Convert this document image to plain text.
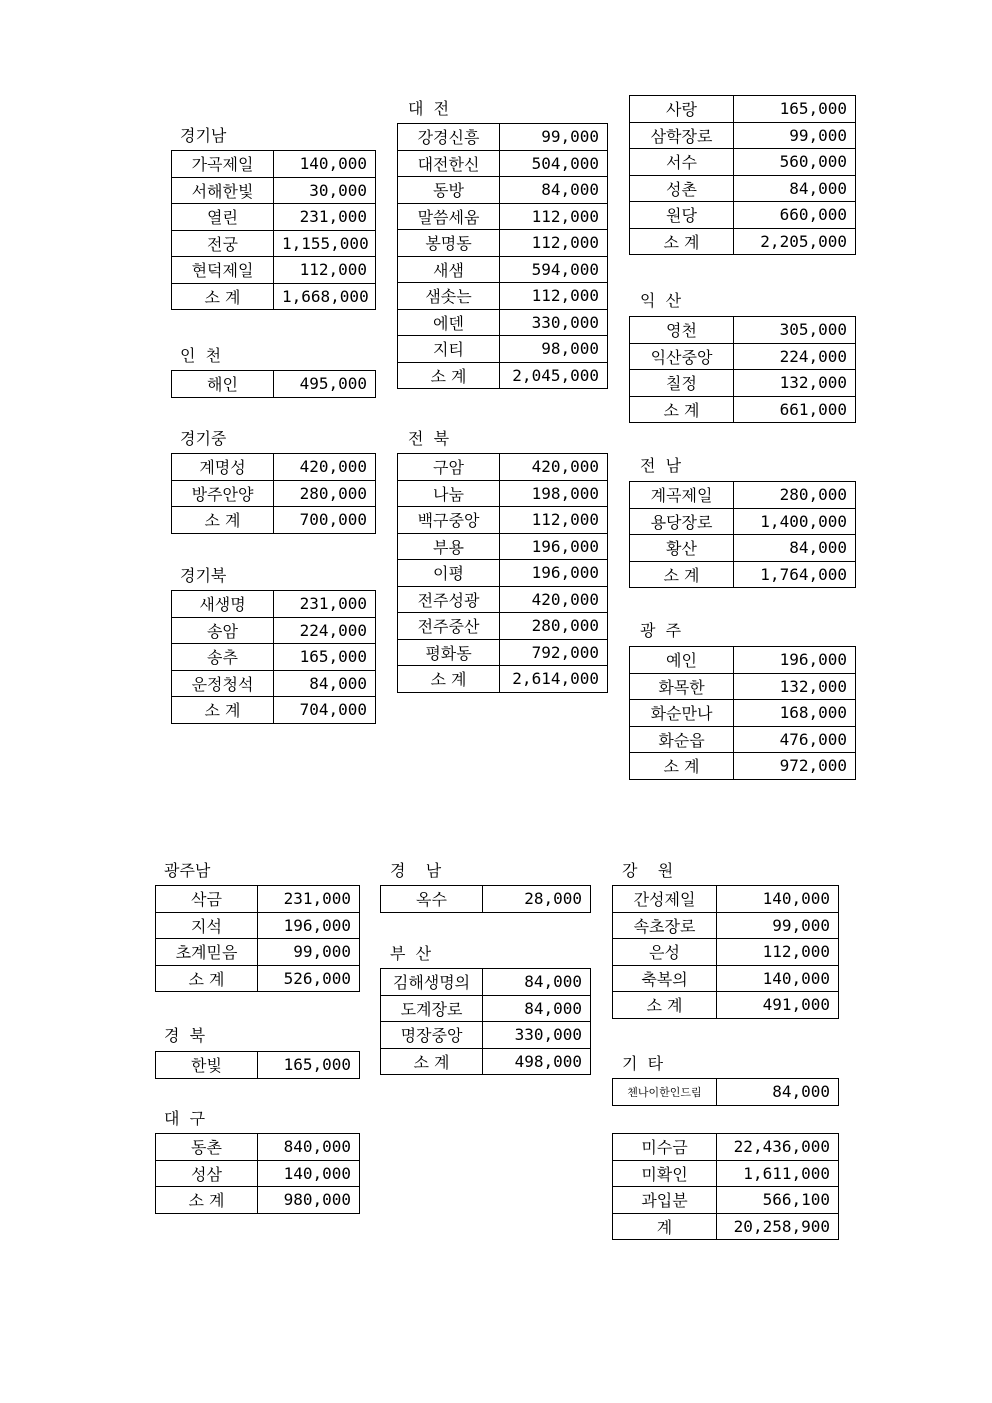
경기남
가곡제일	140,000
서해한빛	30,000
열린	231,000
전궁	1,155,000
현덕제일	112,000
소 계	1,668,000
인  천
해인	495,000
경기중
계명성	420,000
방주안양	280,000
소 계	700,000
경기북
새생명	231,000
송암	224,000
송추	165,000
운정청석	84,000
소 계	704,000
대  전
강경신흥	99,000
대전한신	504,000
동방	84,000
말씀세움	112,000
봉명동	112,000
새샘	594,000
샘솟는	112,000
에덴	330,000
지티	98,000
소 계	2,045,000
전  북
구암	420,000
나눔	198,000
백구중앙	112,000
부용	196,000
이평	196,000
전주성광	420,000
전주중산	280,000
평화동	792,000
소 계	2,614,000
사랑	165,000
삼학장로	99,000
서수	560,000
성촌	84,000
원당	660,000
소 계	2,205,000
익  산
영천	305,000
익산중앙	224,000
칠정	132,000
소 계	661,000
전  남
계곡제일	280,000
용당장로	1,400,000
황산	84,000
소 계	1,764,000
광  주
예인	196,000
화목한	132,000
화순만나	168,000
화순읍	476,000
소 계	972,000
광주남
삭금	231,000
지석	196,000
초계믿음	99,000
소 계	526,000
경  북
한빛	165,000
대  구
동촌	840,000
성삼	140,000
소 계	980,000
경    남
옥수	28,000
부  산
김해생명의	84,000
도계장로	84,000
명장중앙	330,000
소 계	498,000
강    원
간성제일	140,000
속초장로	99,000
은성	112,000
축복의	140,000
소 계	491,000
기  타
첸나이한인드림	84,000
미수금	22,436,000
미확인	1,611,000
과입분	566,100
계	20,258,900
